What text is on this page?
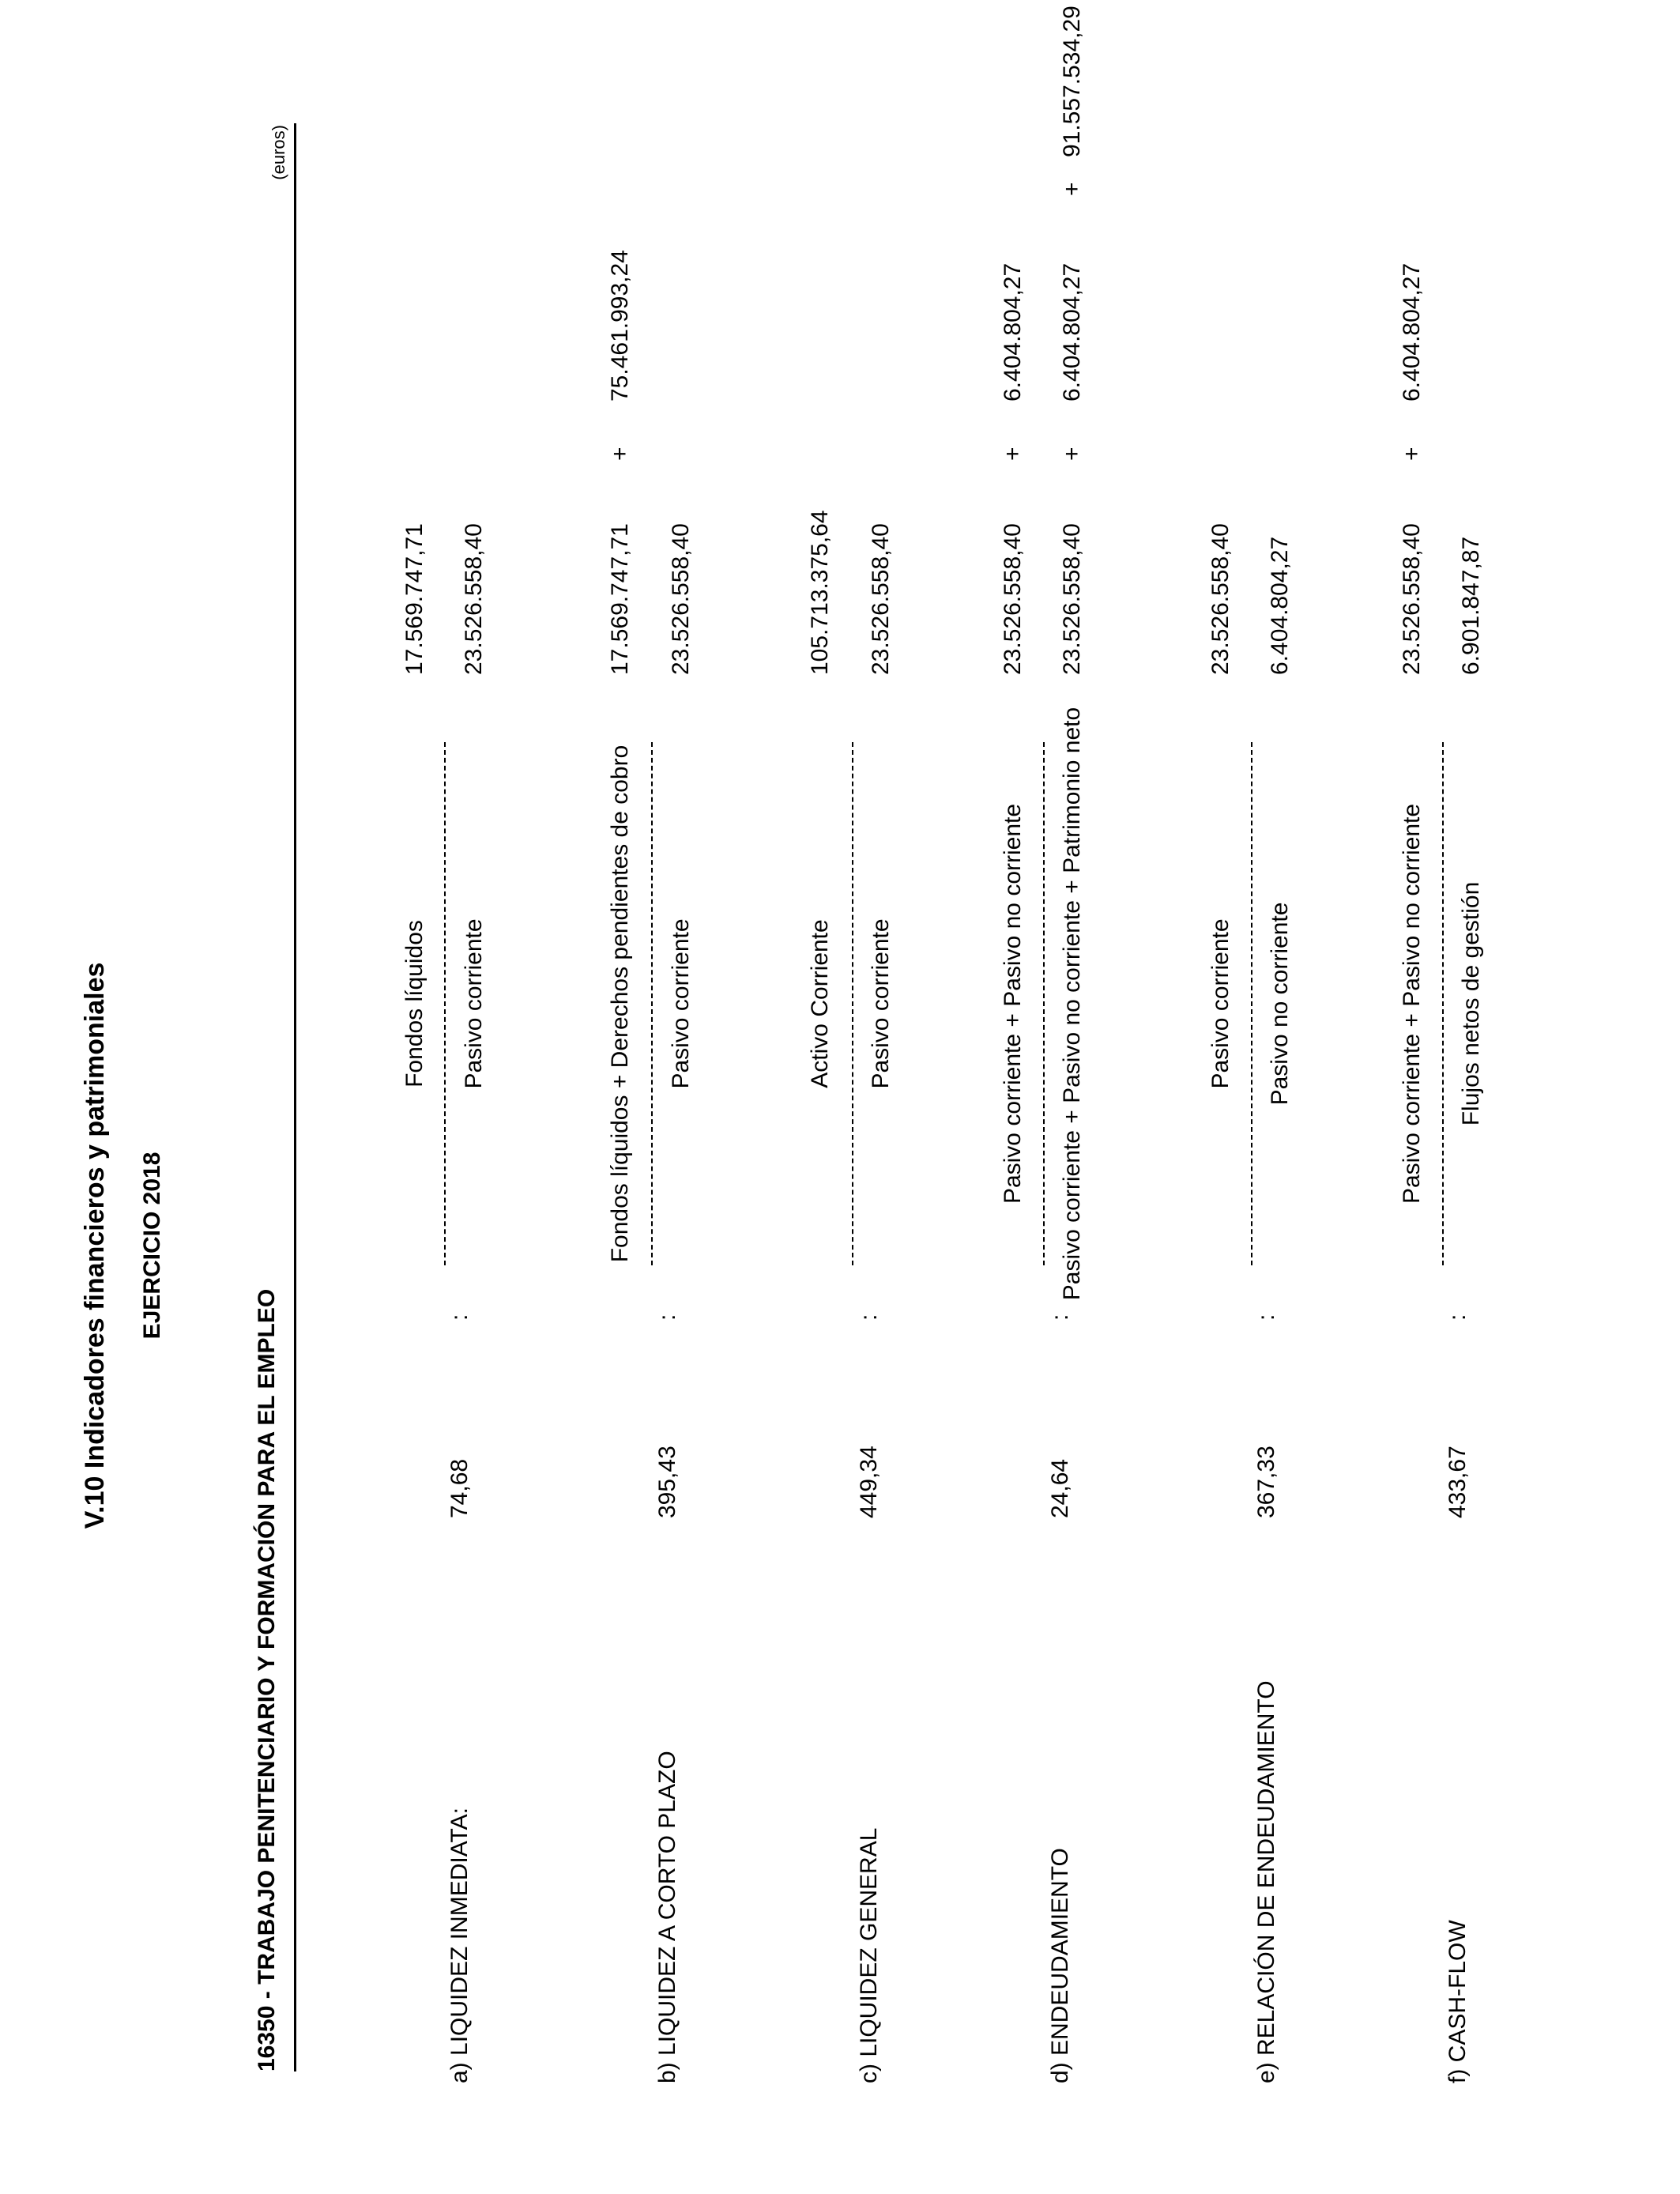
V.10 Indicadores financieros y patrimoniales EJERCICIO 2018
16350 - TRABAJO PENITENCIARIO Y FORMACIÓN PARA EL EMPLEO
(euros)
a) LIQUIDEZ INMEDIATA:
74,68
:
Fondos líquidos Pasivo corriente
17.569.747,71 23.526.558,40
b) LIQUIDEZ A CORTO PLAZO
395,43
:
Fondos líquidos + Derechos pendientes de cobro Pasivo corriente
17.569.747,71
+
75.461.993,24
23.526.558,40
c) LIQUIDEZ GENERAL
449,34
:
Activo Corriente Pasivo corriente
105.713.375,64 23.526.558,40
d) ENDEUDAMIENTO
24,64
:
Pasivo corriente + Pasivo no corriente Pasivo corriente + Pasivo no corriente + Patrimonio neto
23.526.558,40
+
6.404.804,27
23.526.558,40
+
6.404.804,27
+
91.557.534,29
e) RELACIÓN DE ENDEUDAMIENTO
367,33
:
Pasivo corriente Pasivo no corriente
23.526.558,40 6.404.804,27
f) CASH-FLOW
433,67
:
Pasivo corriente + Pasivo no corriente Flujos netos de gestión
23.526.558,40
+
6.404.804,27
6.901.847,87
